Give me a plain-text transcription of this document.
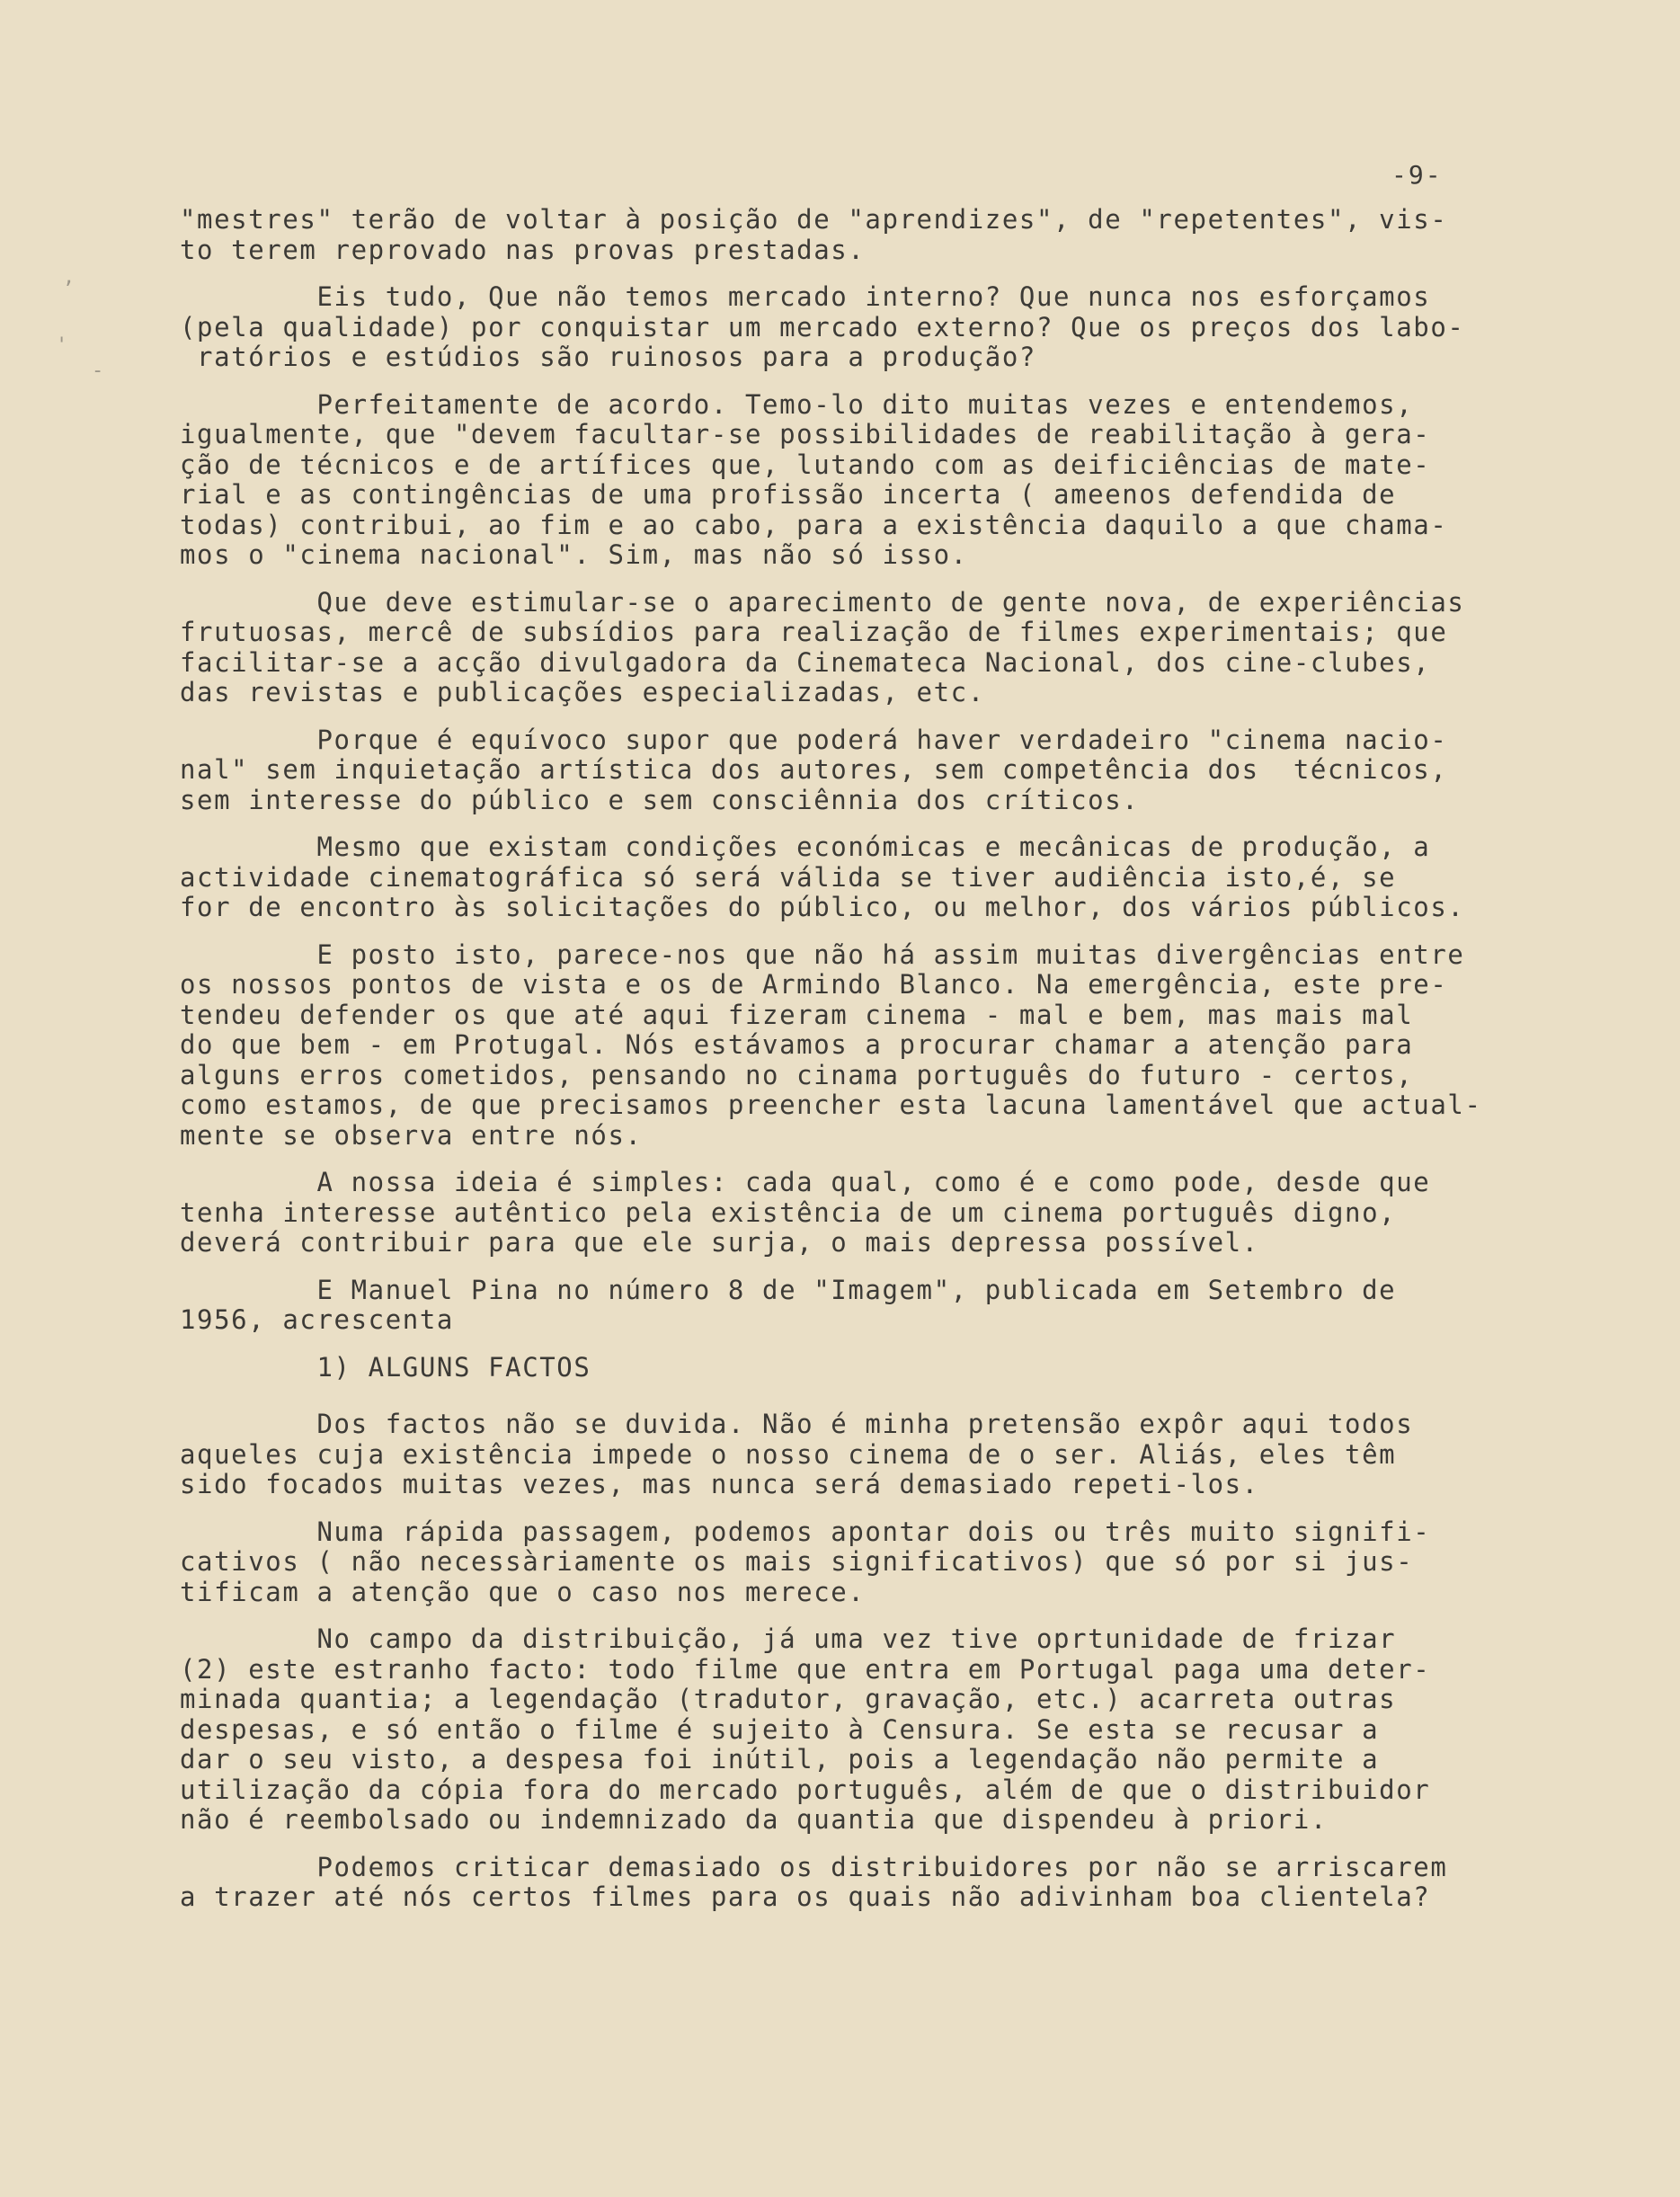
-9-
,
'
-
"mestres" terão de voltar à posição de "aprendizes", de "repetentes", vis-
to terem reprovado nas provas prestadas.
Eis tudo, Que não temos mercado interno? Que nunca nos esforçamos
(pela qualidade) por conquistar um mercado externo? Que os preços dos labo-
ratórios e estúdios são ruinosos para a produção?
Perfeitamente de acordo. Temo-lo dito muitas vezes e entendemos,
igualmente, que "devem facultar-se possibilidades de reabilitação à gera-
ção de técnicos e de artífices que, lutando com as deificiências de mate-
rial e as contingências de uma profissão incerta ( ameenos defendida de
todas) contribui, ao fim e ao cabo, para a existência daquilo a que chama-
mos o "cinema nacional". Sim, mas não só isso.
Que deve estimular-se o aparecimento de gente nova, de experiências
frutuosas, mercê de subsídios para realização de filmes experimentais; que
facilitar-se a acção divulgadora da Cinemateca Nacional, dos cine-clubes,
das revistas e publicações especializadas, etc.
Porque é equívoco supor que poderá haver verdadeiro "cinema nacio-
nal" sem inquietação artística dos autores, sem competência dos  técnicos,
sem interesse do público e sem consciênnia dos críticos.
Mesmo que existam condições económicas e mecânicas de produção, a
actividade cinematográfica só será válida se tiver audiência isto,é, se
for de encontro às solicitações do público, ou melhor, dos vários públicos.
E posto isto, parece-nos que não há assim muitas divergências entre
os nossos pontos de vista e os de Armindo Blanco. Na emergência, este pre-
tendeu defender os que até aqui fizeram cinema - mal e bem, mas mais mal
do que bem - em Protugal. Nós estávamos a procurar chamar a atenção para
alguns erros cometidos, pensando no cinama português do futuro - certos,
como estamos, de que precisamos preencher esta lacuna lamentável que actual-
mente se observa entre nós.
A nossa ideia é simples: cada qual, como é e como pode, desde que
tenha interesse autêntico pela existência de um cinema português digno,
deverá contribuir para que ele surja, o mais depressa possível.
E Manuel Pina no número 8 de "Imagem", publicada em Setembro de
1956, acrescenta
1) ALGUNS FACTOS
Dos factos não se duvida. Não é minha pretensão expôr aqui todos
aqueles cuja existência impede o nosso cinema de o ser. Aliás, eles têm
sido focados muitas vezes, mas nunca será demasiado repeti-los.
Numa rápida passagem, podemos apontar dois ou três muito signifi-
cativos ( não necessàriamente os mais significativos) que só por si jus-
tificam a atenção que o caso nos merece.
No campo da distribuição, já uma vez tive oprtunidade de frizar
(2) este estranho facto: todo filme que entra em Portugal paga uma deter-
minada quantia; a legendação (tradutor, gravação, etc.) acarreta outras
despesas, e só então o filme é sujeito à Censura. Se esta se recusar a
dar o seu visto, a despesa foi inútil, pois a legendação não permite a
utilização da cópia fora do mercado português, além de que o distribuidor
não é reembolsado ou indemnizado da quantia que dispendeu à priori.
Podemos criticar demasiado os distribuidores por não se arriscarem
a trazer até nós certos filmes para os quais não adivinham boa clientela?
